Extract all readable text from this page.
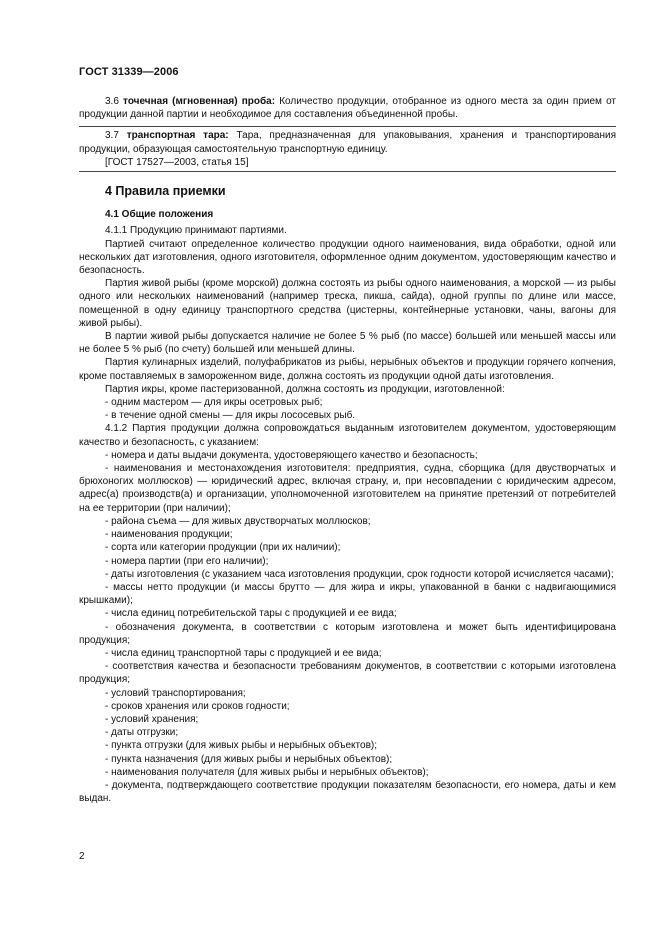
ГОСТ 31339—2006

3.6 точечная (мгновенная) проба: Количество продукции, отобранное из одного места за один прием от продукции данной партии и необходимое для составления объединенной пробы.

3.7 транспортная тара: Тара, предназначенная для упаковывания, хранения и транспортирования продукции, образующая самостоятельную транспортную единицу.

[ГОСТ 17527—2003, статья 15]

4 Правила приемки
4.1 Общие положения

4.1.1 Продукцию принимают партиями.

Партией считают определенное количество продукции одного наименования, вида обработки, одной или нескольких дат изготовления, одного изготовителя, оформленное одним документом, удостоверяющим качество и безопасность.

Партия живой рыбы (кроме морской) должна состоять из рыбы одного наименования, а морской — из рыбы одного или нескольких наименований (например треска, пикша, сайда), одной группы по длине или массе, помещенной в одну единицу транспортного средства (цистерны, контейнерные установки, чаны, вагоны для живой рыбы).

В партии живой рыбы допускается наличие не более 5 % рыб (по массе) большей или меньшей массы или не более 5 % рыб (по счету) большей или меньшей длины.

Партия кулинарных изделий, полуфабрикатов из рыбы, нерыбных объектов и продукции горячего копчения, кроме поставляемых в замороженном виде, должна состоять из продукции одной даты изготовления.

Партия икры, кроме пастеризованной, должна состоять из продукции, изготовленной:

- одним мастером — для икры осетровых рыб;

- в течение одной смены — для икры лососевых рыб.

4.1.2 Партия продукции должна сопровождаться выданным изготовителем документом, удостоверяющим качество и безопасность, с указанием:

- номера и даты выдачи документа, удостоверяющего качество и безопасность;

- наименования и местонахождения изготовителя: предприятия, судна, сборщика (для двустворчатых и брюхоногих моллюсков) — юридический адрес, включая страну, и, при несовпадении с юридическим адресом, адрес(а) производств(а) и организации, уполномоченной изготовителем на принятие претензий от потребителей на ее территории (при наличии);

- района съема — для живых двустворчатых моллюсков;

- наименования продукции;

- сорта или категории продукции (при их наличии);

- номера партии (при его наличии);

- даты изготовления (с указанием часа изготовления продукции, срок годности которой исчисляется часами);

- массы нетто продукции (и массы брутто — для жира и икры, упакованной в банки с надвигающимися крышками);

- числа единиц потребительской тары с продукцией и ее вида;

- обозначения документа, в соответствии с которым изготовлена и может быть идентифицирована продукция;

- числа единиц транспортной тары с продукцией и ее вида;

- соответствия качества и безопасности требованиям документов, в соответствии с которыми изготовлена продукция;

- условий транспортирования;

- сроков хранения или сроков годности;

- условий хранения;

- даты отгрузки;

- пункта отгрузки (для живых рыбы и нерыбных объектов);

- пункта назначения (для живых рыбы и нерыбных объектов);

- наименования получателя (для живых рыбы и нерыбных объектов);

- документа, подтверждающего соответствие продукции показателям безопасности, его номера, даты и кем выдан.

2
